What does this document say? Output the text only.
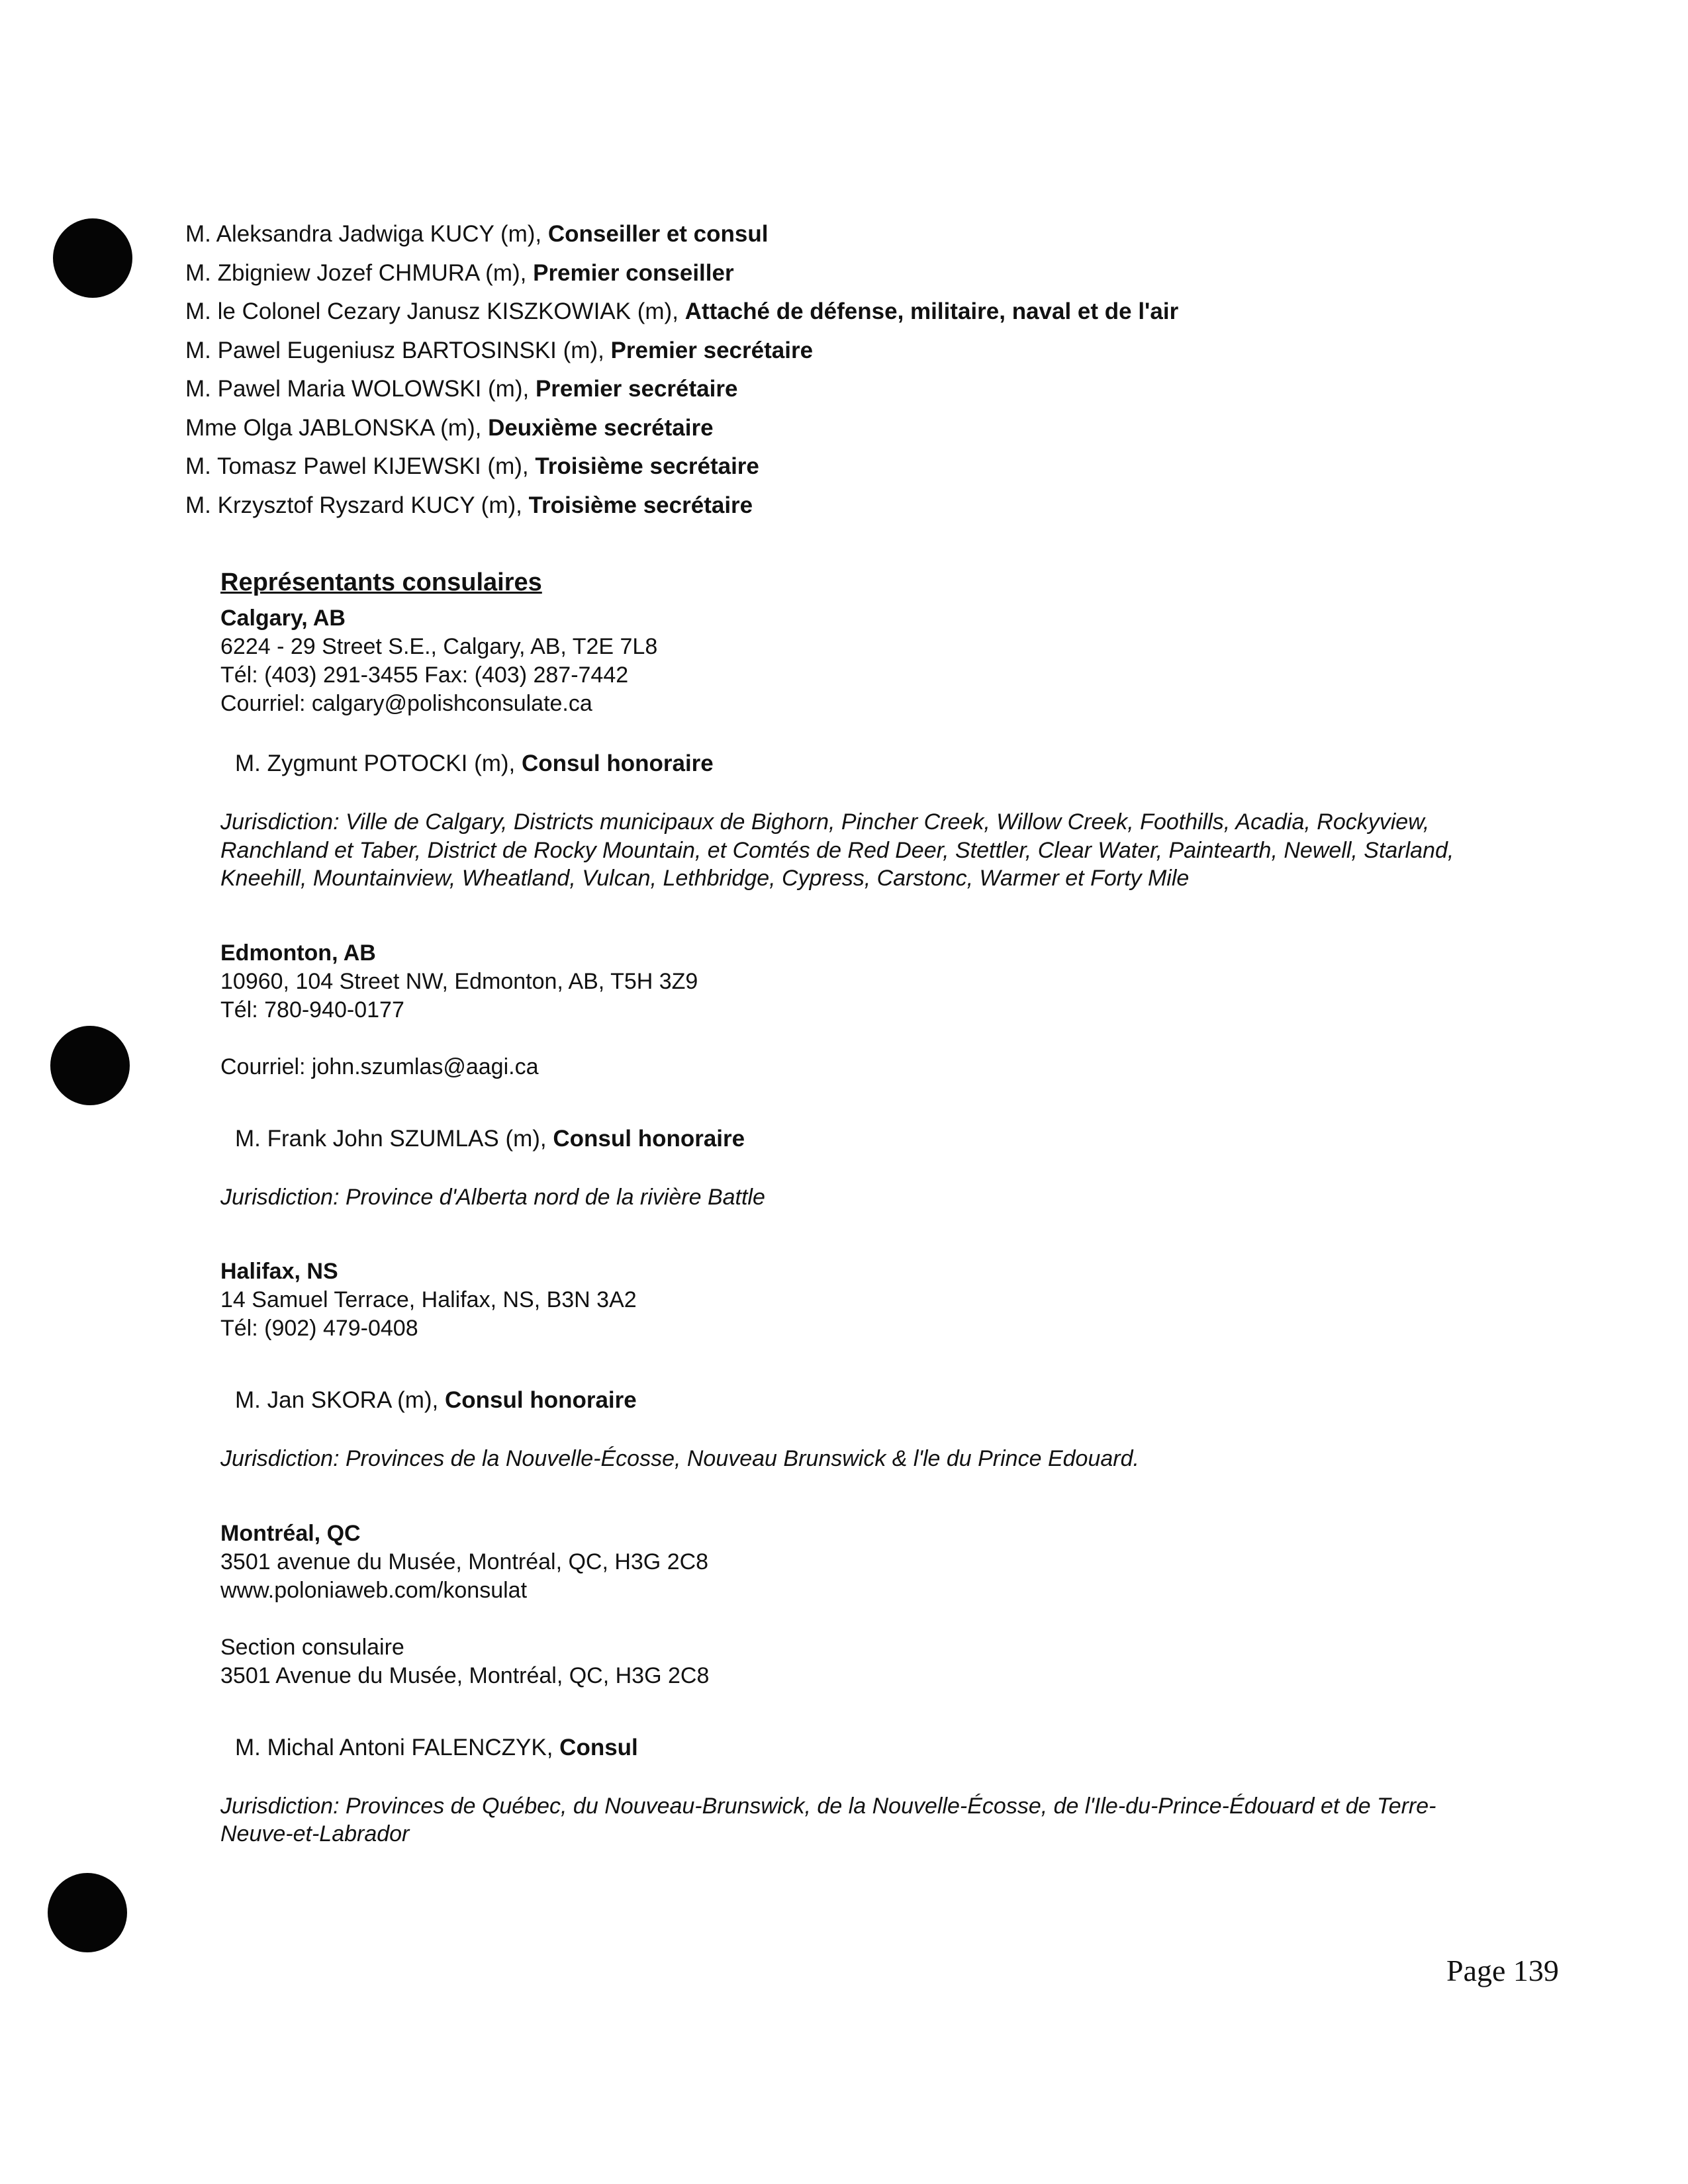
M. Aleksandra Jadwiga KUCY (m), Conseiller et consul
M. Zbigniew Jozef CHMURA (m), Premier conseiller
M. le Colonel Cezary Janusz KISZKOWIAK (m), Attaché de défense, militaire, naval et de l'air
M. Pawel Eugeniusz BARTOSINSKI (m), Premier secrétaire
M. Pawel Maria WOLOWSKI (m), Premier secrétaire
Mme Olga JABLONSKA (m), Deuxième secrétaire
M. Tomasz Pawel KIJEWSKI (m), Troisième secrétaire
M. Krzysztof Ryszard KUCY (m), Troisième secrétaire
Représentants consulaires
Calgary, AB
6224 - 29 Street S.E., Calgary, AB, T2E 7L8
Tél: (403) 291-3455 Fax: (403) 287-7442
Courriel: calgary@polishconsulate.ca
M. Zygmunt POTOCKI (m), Consul honoraire
Jurisdiction: Ville de Calgary, Districts municipaux de Bighorn, Pincher Creek, Willow Creek, Foothills, Acadia, Rockyview, Ranchland et Taber, District de Rocky Mountain, et Comtés de Red Deer, Stettler, Clear Water, Paintearth, Newell, Starland, Kneehill, Mountainview, Wheatland, Vulcan, Lethbridge, Cypress, Carstonc, Warmer et Forty Mile
Edmonton, AB
10960, 104 Street NW, Edmonton, AB, T5H 3Z9
Tél: 780-940-0177
Courriel: john.szumlas@aagi.ca
M. Frank John SZUMLAS (m), Consul honoraire
Jurisdiction: Province d'Alberta nord de la rivière Battle
Halifax, NS
14 Samuel Terrace, Halifax, NS, B3N 3A2
Tél: (902) 479-0408
M. Jan SKORA (m), Consul honoraire
Jurisdiction: Provinces de la Nouvelle-Écosse, Nouveau Brunswick & l'le du Prince Edouard.
Montréal, QC
3501 avenue du Musée, Montréal, QC, H3G 2C8
www.poloniaweb.com/konsulat
Section consulaire
3501 Avenue du Musée, Montréal, QC, H3G 2C8
M. Michal Antoni FALENCZYK, Consul
Jurisdiction: Provinces de Québec, du Nouveau-Brunswick, de la Nouvelle-Écosse, de l'Ile-du-Prince-Édouard et de Terre-Neuve-et-Labrador
Page 139
